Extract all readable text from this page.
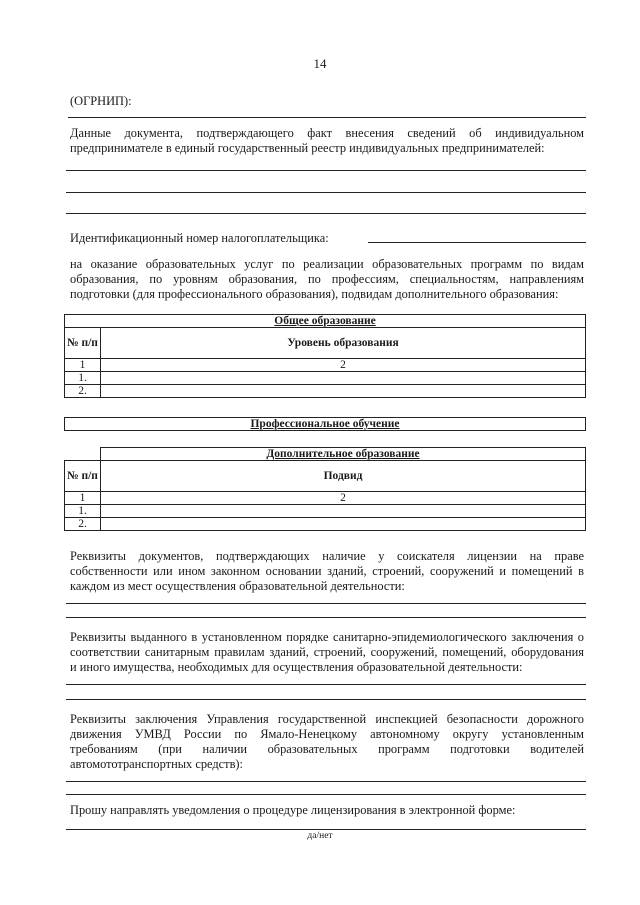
14
(ОГРНИП):
Данные документа, подтверждающего факт внесения сведений об индивидуальном
предпринимателе в единый государственный реестр индивидуальных предпринимателей:
Идентификационный номер налогоплательщика:
на оказание образовательных услуг по реализации образовательных программ по видам
образования, по уровням образования, по профессиям, специальностям, направлениям
подготовки (для профессионального образования), подвидам дополнительного образования:
Общее образование	
№ п/п	Уровень образования
1	2
1.	
2.	
Профессиональное обучение
	Дополнительное образование
№ п/п	Подвид
1	2
1.	
2.	
Реквизиты документов, подтверждающих наличие у соискателя лицензии на праве
собственности или ином законном основании зданий, строений, сооружений и помещений в
каждом из мест осуществления образовательной деятельности:
Реквизиты выданного в установленном порядке санитарно-эпидемиологического заключения о
соответствии санитарным правилам зданий, строений, сооружений, помещений, оборудования
и иного имущества, необходимых для осуществления образовательной деятельности:
Реквизиты заключения Управления государственной инспекцией безопасности дорожного
движения УМВД России по Ямало-Ненецкому автономному округу установленным
требованиям (при наличии образовательных программ подготовки водителей
автомототранспортных средств):
Прошу направлять уведомления о процедуре лицензирования в электронной форме:
да/нет
